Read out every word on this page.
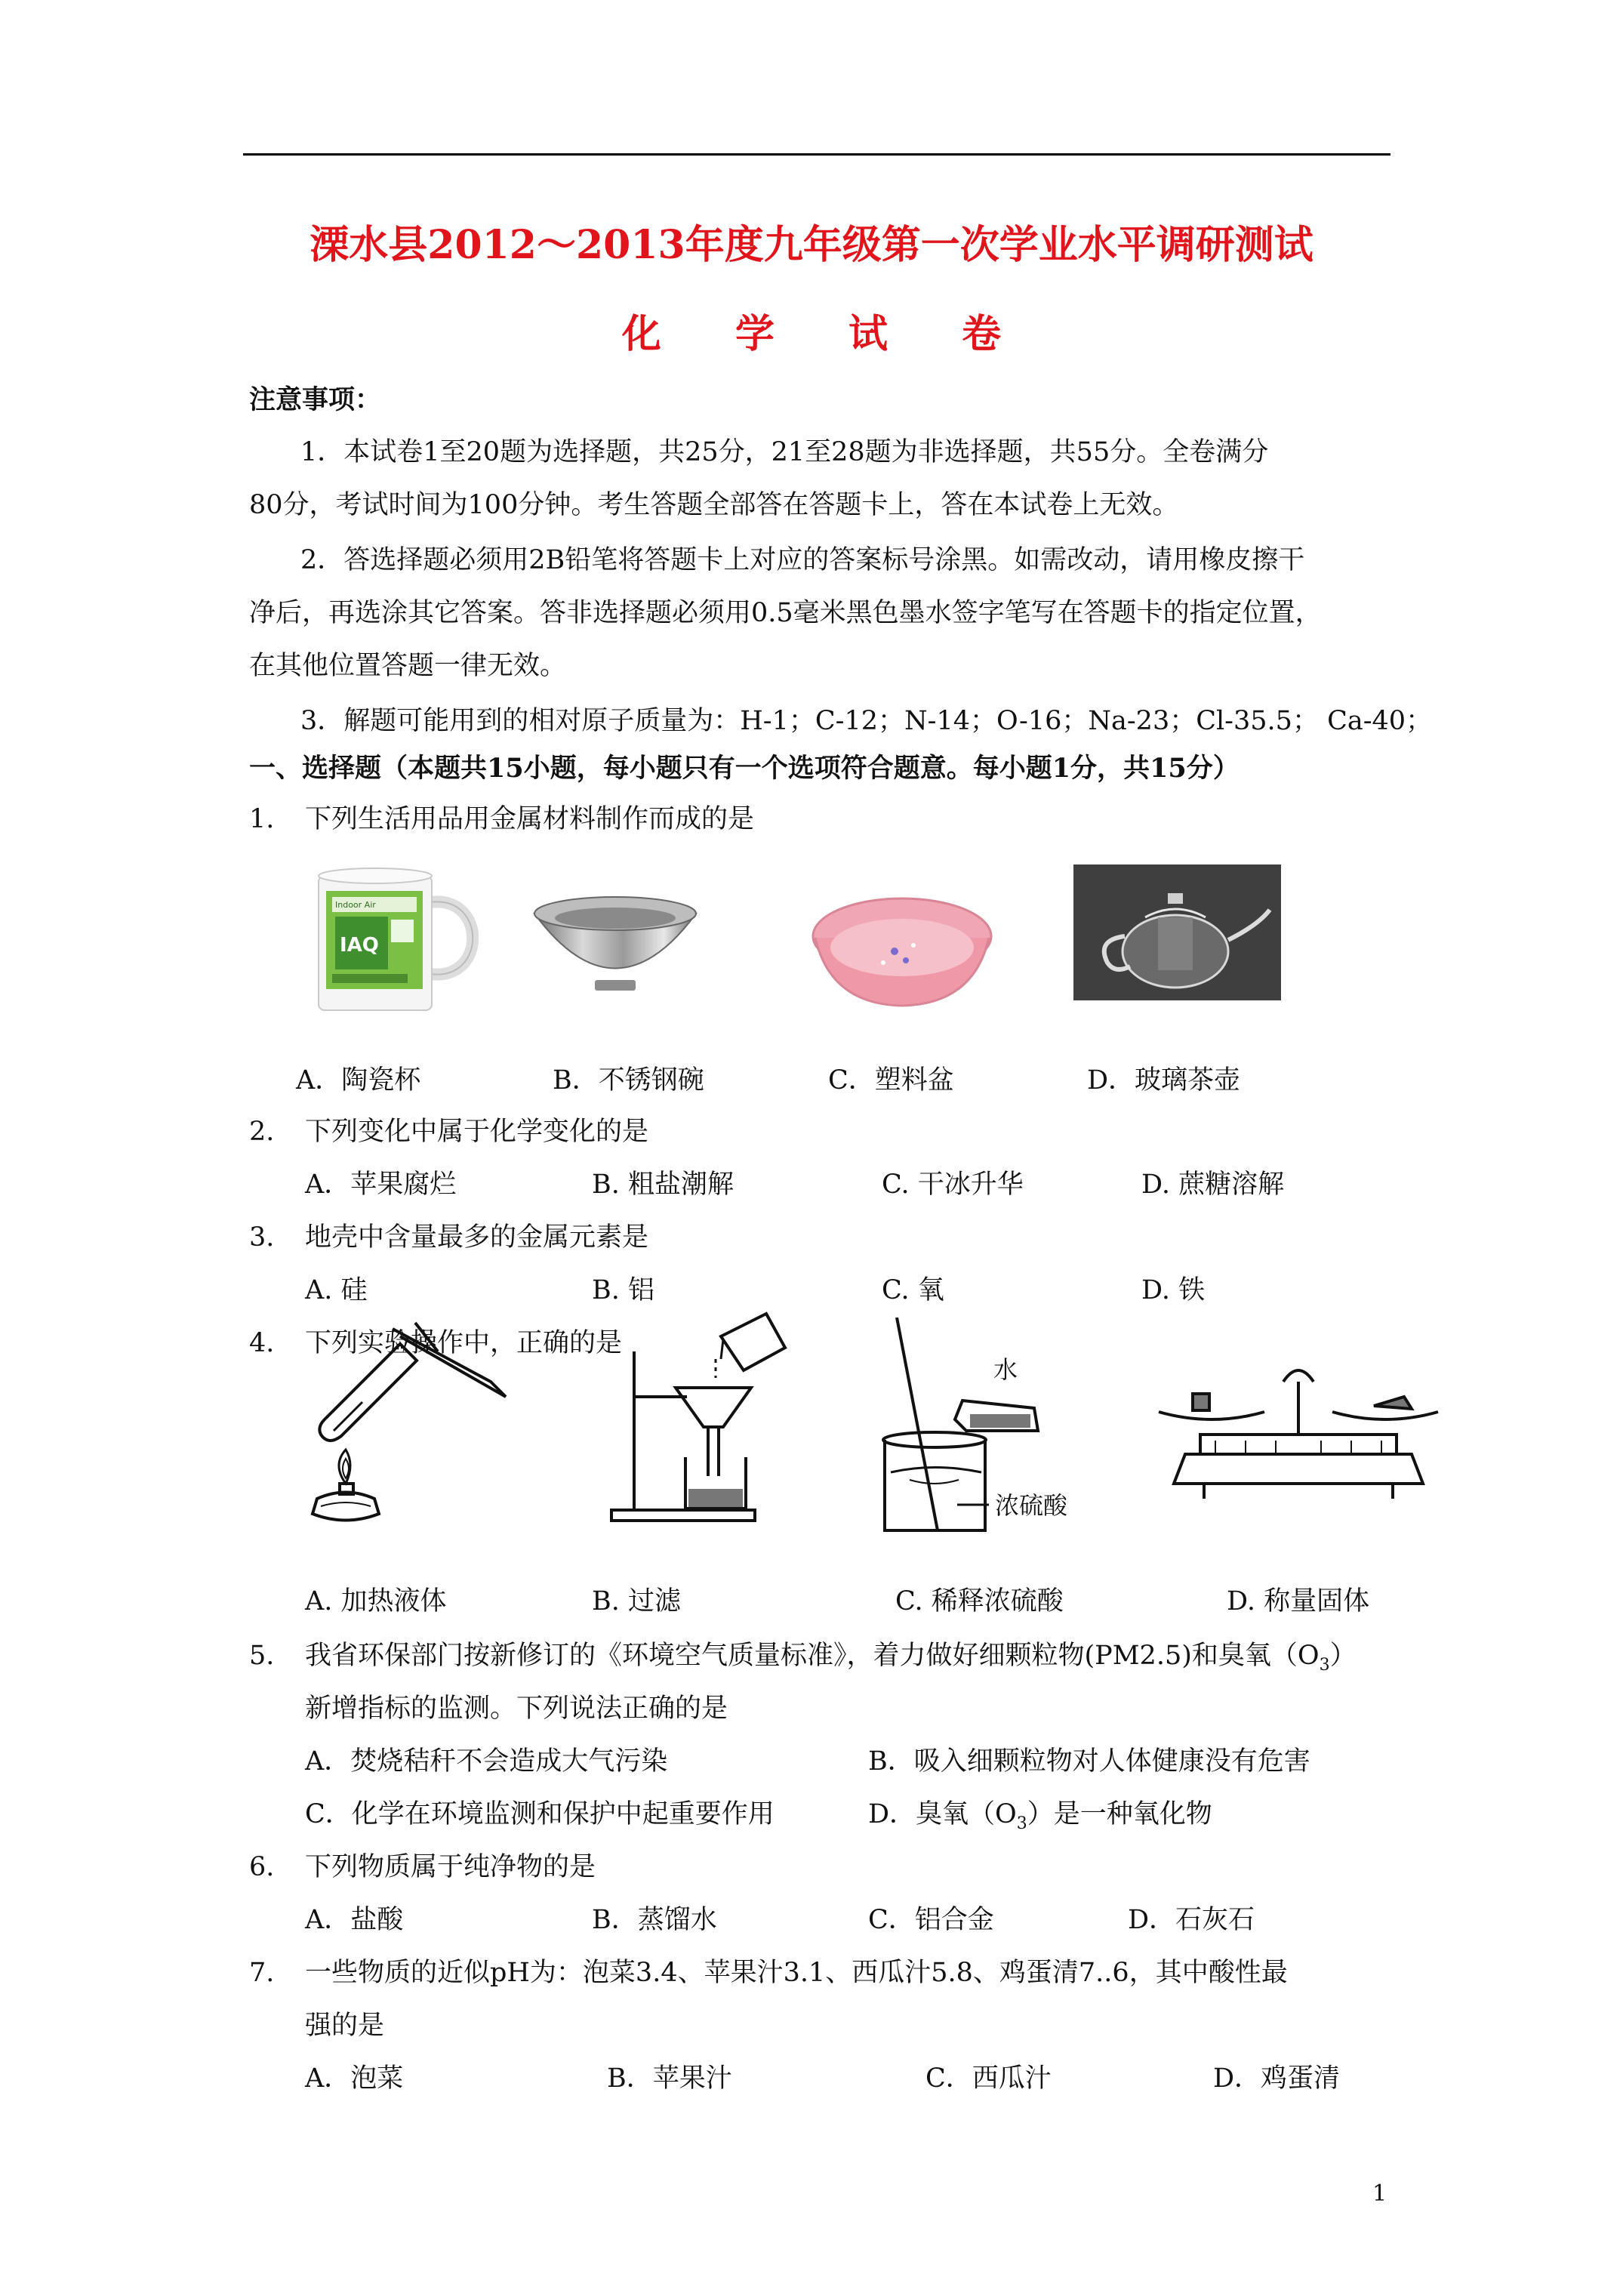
溧水县2012～2013年度九年级第一次学业水平调研测试
化 学 试 卷
注意事项：
1．本试卷1至20题为选择题，共25分，21至28题为非选择题，共55分。全卷满分
80分，考试时间为100分钟。考生答题全部答在答题卡上，答在本试卷上无效。
2．答选择题必须用2B铅笔将答题卡上对应的答案标号涂黑。如需改动，请用橡皮擦干
净后，再选涂其它答案。答非选择题必须用0.5毫米黑色墨水签字笔写在答题卡的指定位置，
在其他位置答题一律无效。
3．解题可能用到的相对原子质量为：H-1；C-12；N-14；O-16；Na-23；Cl-35.5； Ca-40；
一、选择题（本题共15小题，每小题只有一个选项符合题意。每小题1分，共15分）
1. 下列生活用品用金属材料制作而成的是
IAQ
Indoor Air
A．陶瓷杯	B．不锈钢碗	C．塑料盆	D．玻璃茶壶
2. 下列变化中属于化学变化的是
A．苹果腐烂	B. 粗盐潮解	C. 干冰升华	D. 蔗糖溶解
3. 地壳中含量最多的金属元素是
A. 硅	B. 铝	C. 氧	D. 铁
4. 下列实验操作中，正确的是
水
浓硫酸
A. 加热液体	B. 过滤	C. 稀释浓硫酸	D. 称量固体
5. 我省环保部门按新修订的《环境空气质量标准》，着力做好细颗粒物(PM2.5)和臭氧$(O_3)$
新增指标的监测。下列说法正确的是
A．焚烧秸秆不会造成大气污染	B．吸入细颗粒物对人体健康没有危害
C．化学在环境监测和保护中起重要作用	D．臭氧$(O_3)$是一种氧化物
6. 下列物质属于纯净物的是
A．盐酸	B．蒸馏水	C．铝合金	D．石灰石
7. 一些物质的近似pH为：泡菜3.4、苹果汁3.1、西瓜汁5.8、鸡蛋清7..6，其中酸性最
强的是
A．泡菜	B．苹果汁	C．西瓜汁	D．鸡蛋清
1
